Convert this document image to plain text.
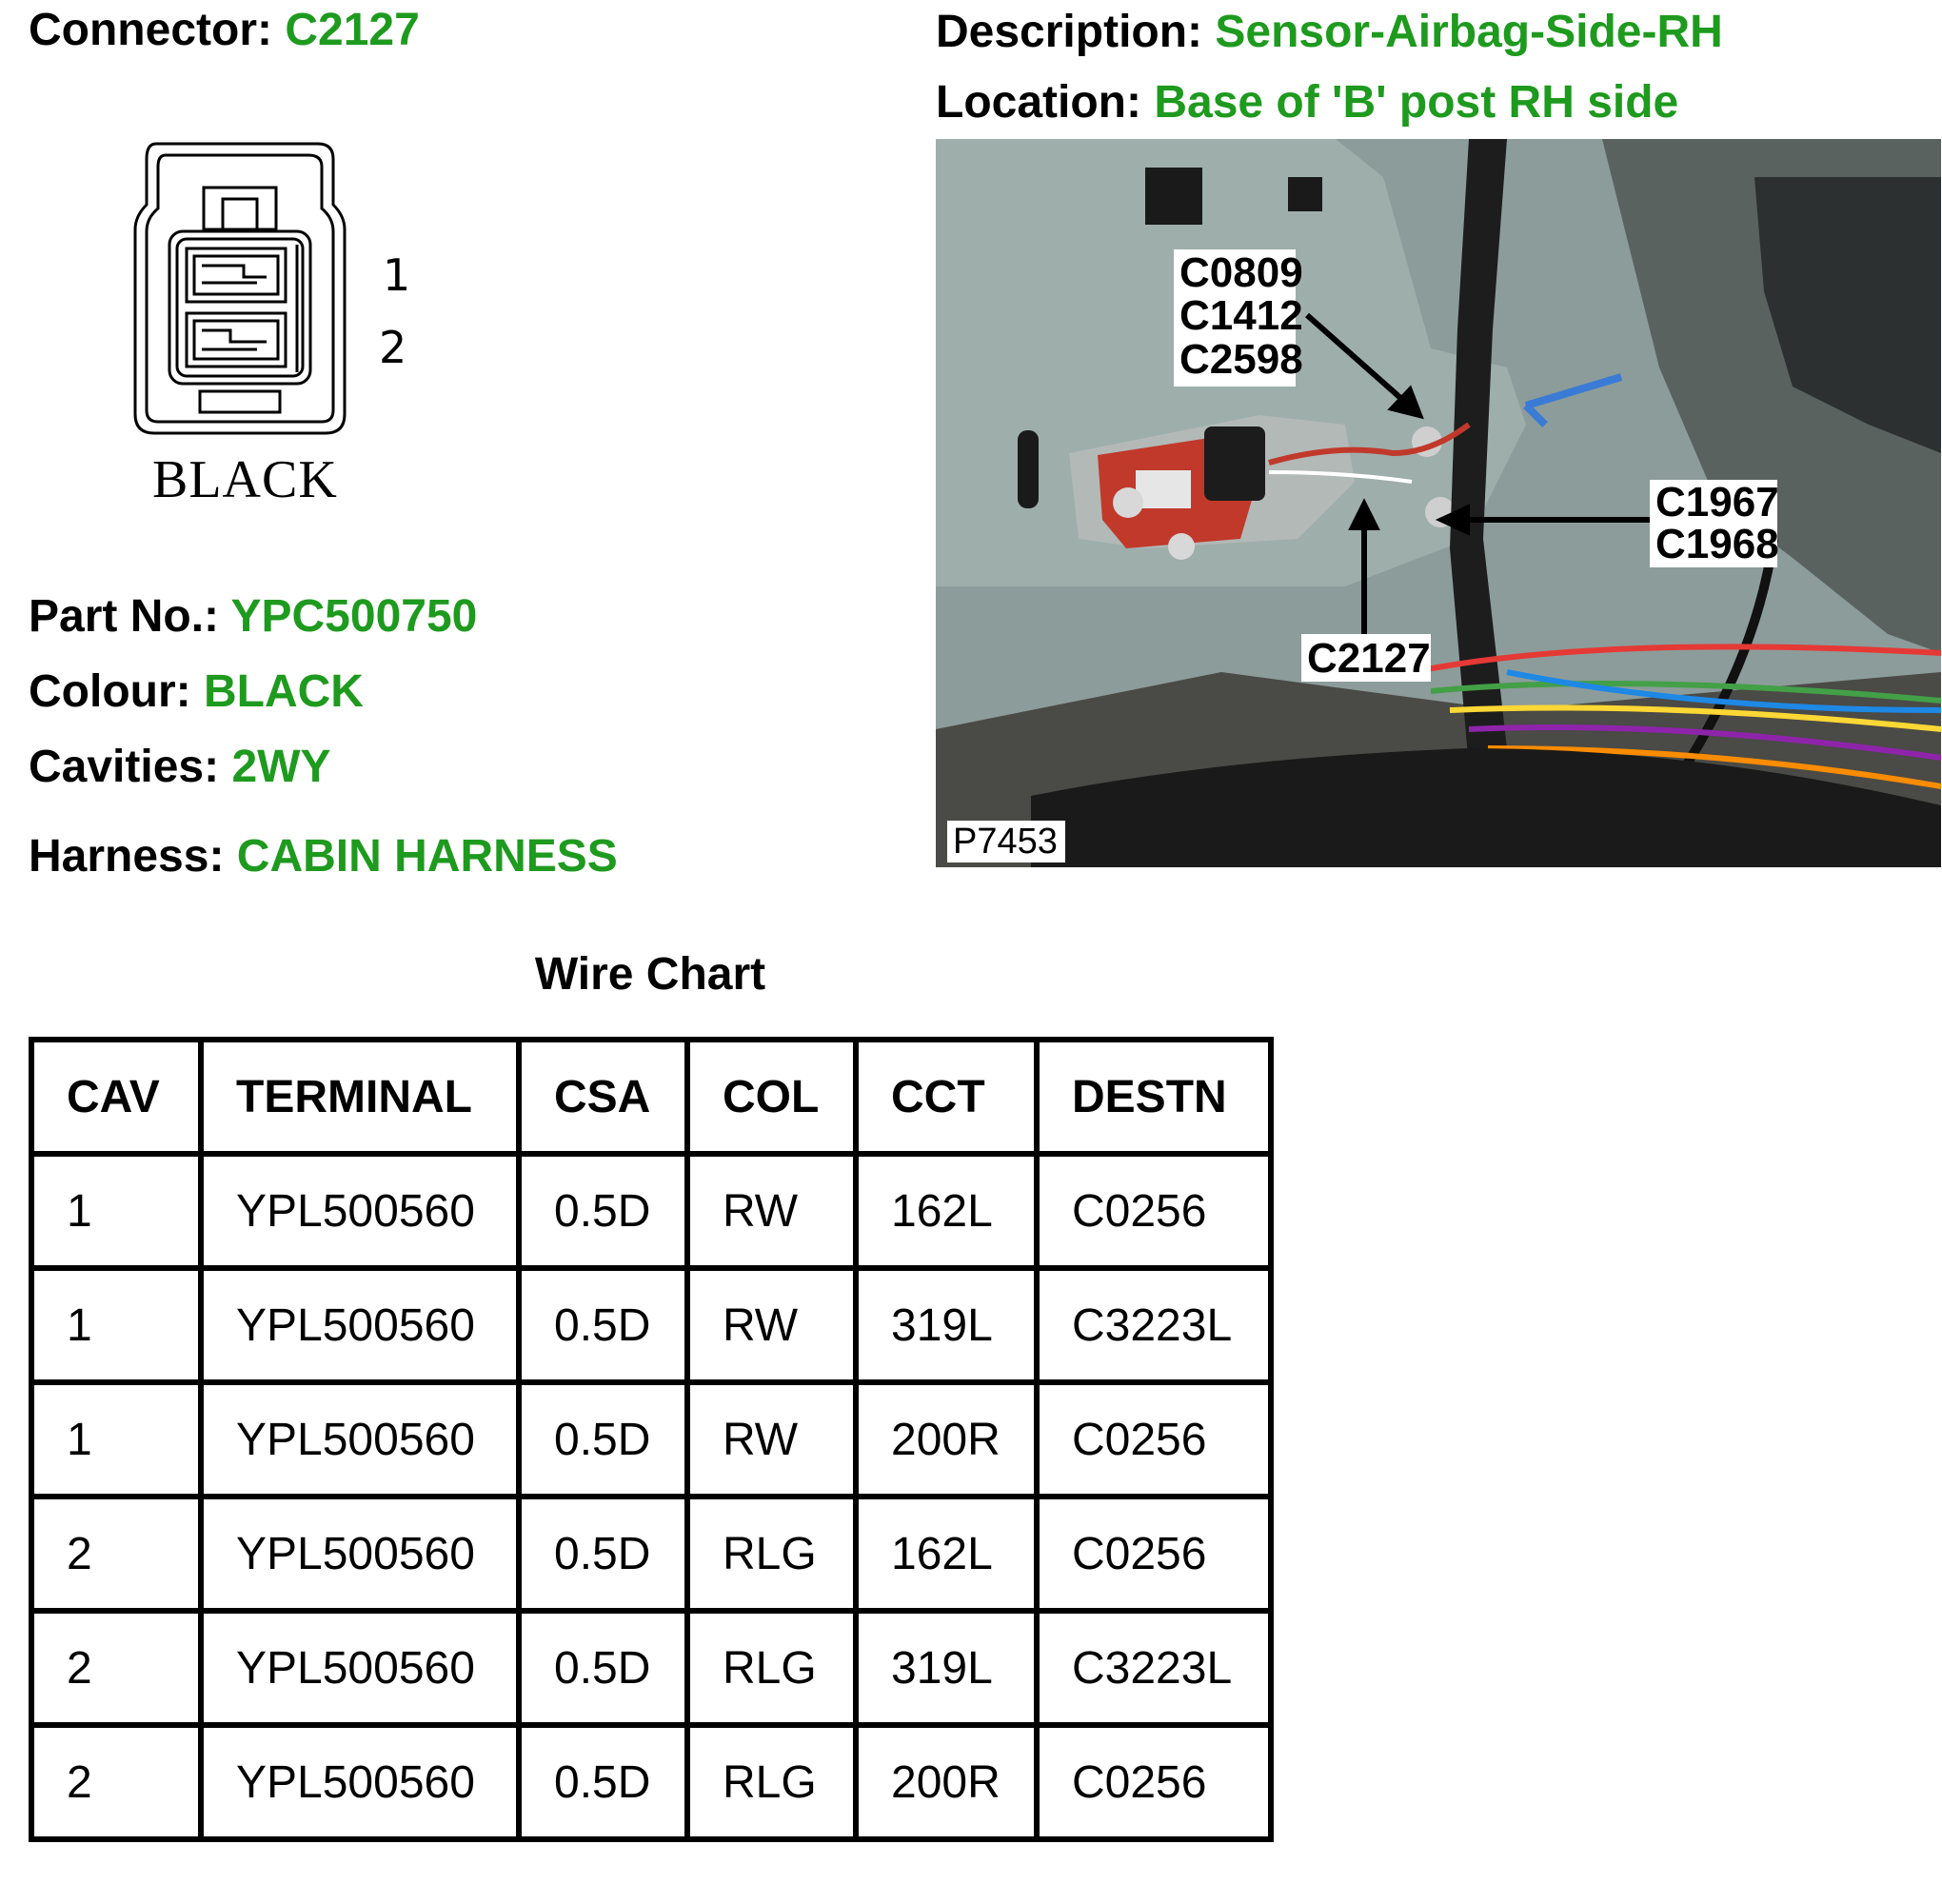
Connector: C2127	Description: Sensor-Airbag-Side-RH
Location: Base of 'B' post RH side
1
2
BLACK
Part No.: YPC500750
Colour: BLACK
Cavities: 2WY
Harness: CABIN HARNESS
C0809
C1412
C2598
C1967
C1968
C2127
P7453
Wire Chart
CAV	TERMINAL	CSA	COL	CCT	DESTN
1	YPL500560	0.5D	RW	162L	C0256
1	YPL500560	0.5D	RW	319L	C3223L
1	YPL500560	0.5D	RW	200R	C0256
2	YPL500560	0.5D	RLG	162L	C0256
2	YPL500560	0.5D	RLG	319L	C3223L
2	YPL500560	0.5D	RLG	200R	C0256
